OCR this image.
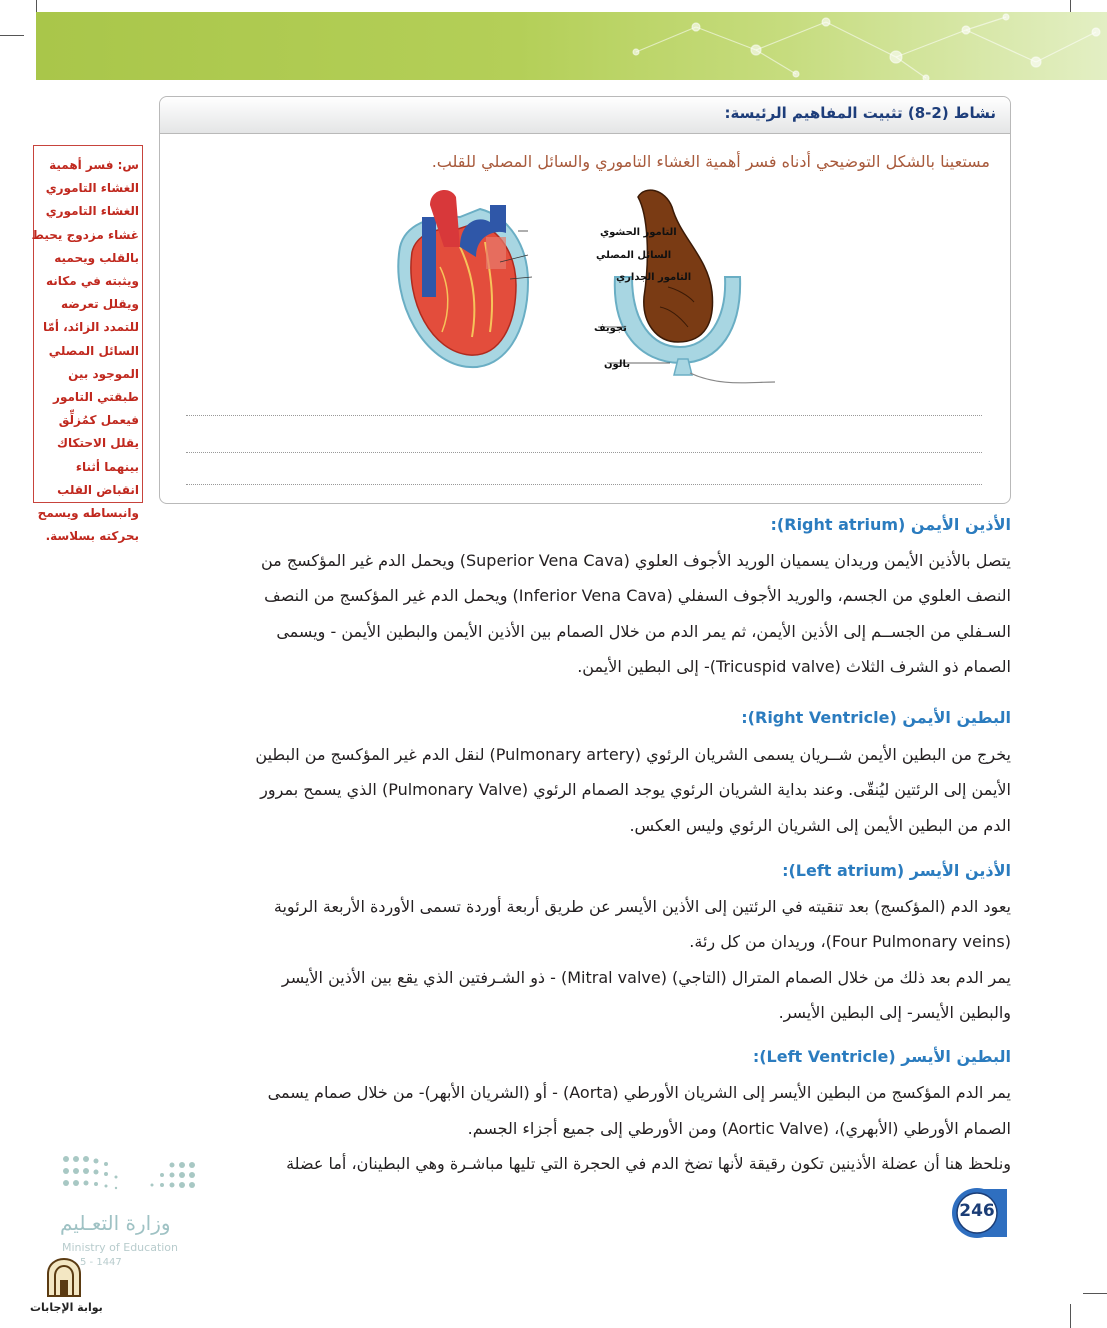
نشاط (2-8) تثبيت المفاهيم الرئيسة:
مستعينا بالشكل التوضيحي أدناه فسر أهمية الغشاء التاموري والسائل المصلي للقلب.
التامور الحشوي
السائل المصلي
التامور الجداري
تجويف
بالون
س: فسر أهمية الغشاء التاموري الغشاء التاموري غشاء مزدوج يحيط بالقلب ويحميه ويثبته في مكانه ويقلل تعرضه للتمدد الزائد، أمّا السائل المصلي الموجود بين طبقتي التامور فيعمل كمُزلِّق يقلل الاحتكاك بينهما أثناء انقباض القلب وانبساطه ويسمح بحركته بسلاسة.
الأذين الأيمن (Right atrium):
يتصل بالأذين الأيمن وريدان يسميان الوريد الأجوف العلوي (Superior Vena Cava) ويحمل الدم غير المؤكسج من
النصف العلوي من الجسم، والوريد الأجوف السفلي (Inferior Vena Cava) ويحمل الدم غير المؤكسج من النصف
السـفلي من الجســم إلى الأذين الأيمن، ثم يمر الدم من خلال الصمام بين الأذين الأيمن والبطين الأيمن - ويسمى
الصمام ذو الشرف الثلاث (Tricuspid valve)- إلى البطين الأيمن.
البطين الأيمن (Right Ventricle):
يخرج من البطين الأيمن شــريان يسمى الشريان الرئوي (Pulmonary artery) لنقل الدم غير المؤكسج من البطين
الأيمن إلى الرئتين ليُنقّى. وعند بداية الشريان الرئوي يوجد الصمام الرئوي (Pulmonary Valve) الذي يسمح بمرور
الدم من البطين الأيمن إلى الشريان الرئوي وليس العكس.
الأذين الأيسر (Left atrium):
يعود الدم (المؤكسج) بعد تنقيته في الرئتين إلى الأذين الأيسر عن طريق أربعة أوردة تسمى الأوردة الأربعة الرئوية
(Four Pulmonary veins)، وريدان من كل رئة.
يمر الدم بعد ذلك من خلال الصمام المترال (التاجي) (Mitral valve) - ذو الشـرفتين الذي يقع بين الأذين الأيسر
والبطين الأيسر- إلى البطين الأيسر.
البطين الأيسر (Left Ventricle):
يمر الدم المؤكسج من البطين الأيسر إلى الشريان الأورطي (Aorta) - أو (الشريان الأبهر)- من خلال صمام يسمى
الصمام الأورطي (الأبهري)، (Aortic Valve) ومن الأورطي إلى جميع أجزاء الجسم.
ونلحظ هنا أن عضلة الأذينين تكون رقيقة لأنها تضخ الدم في الحجرة التي تليها مباشـرة وهي البطينان، أما عضلة
وزارة التعـليم
Ministry of Education
5 - 1447
246
بوابة الإجابات
